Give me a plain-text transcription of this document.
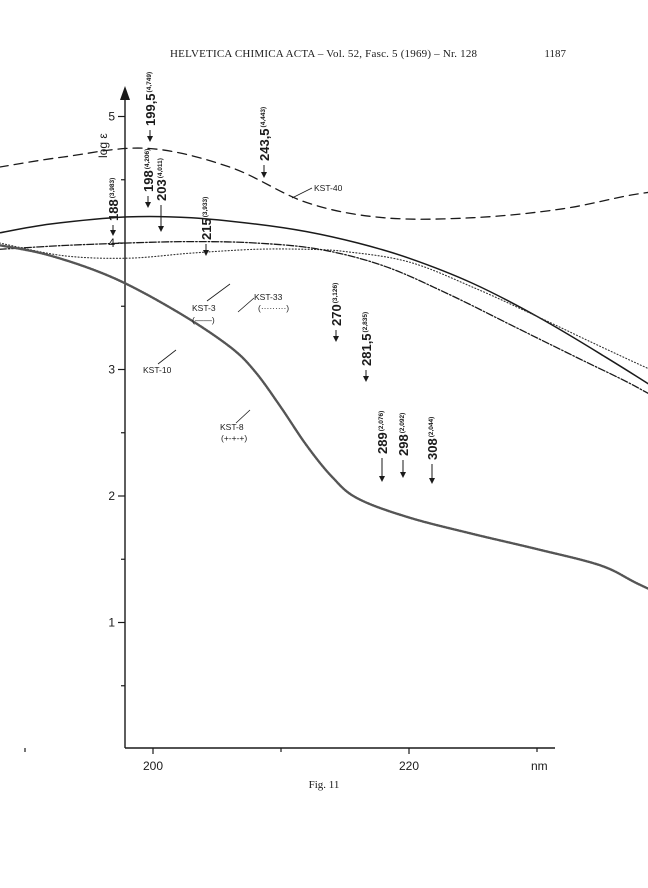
HELVETICA CHIMICA ACTA – Vol. 52, Fasc. 5 (1969) – Nr. 128	1187
1
2
3
4
5
200	220	nm
log ε
KST-40
KST-3
KST-33
KST-8
KST-10
(——)
(·········)
(+-+-+)
188$^{(3,983)}$	198$^{(4,206)}$
199,5$^{(4,749)}$
203$^{(4,011)}$
215$^{(3,933)}$
243,5$^{(4,443)}$
270$^{(3,126)}$
281,5$^{(2,835)}$
289$^{(2,076)}$
298$^{(2,092)}$
308$^{(2,044)}$
Fig. 11
